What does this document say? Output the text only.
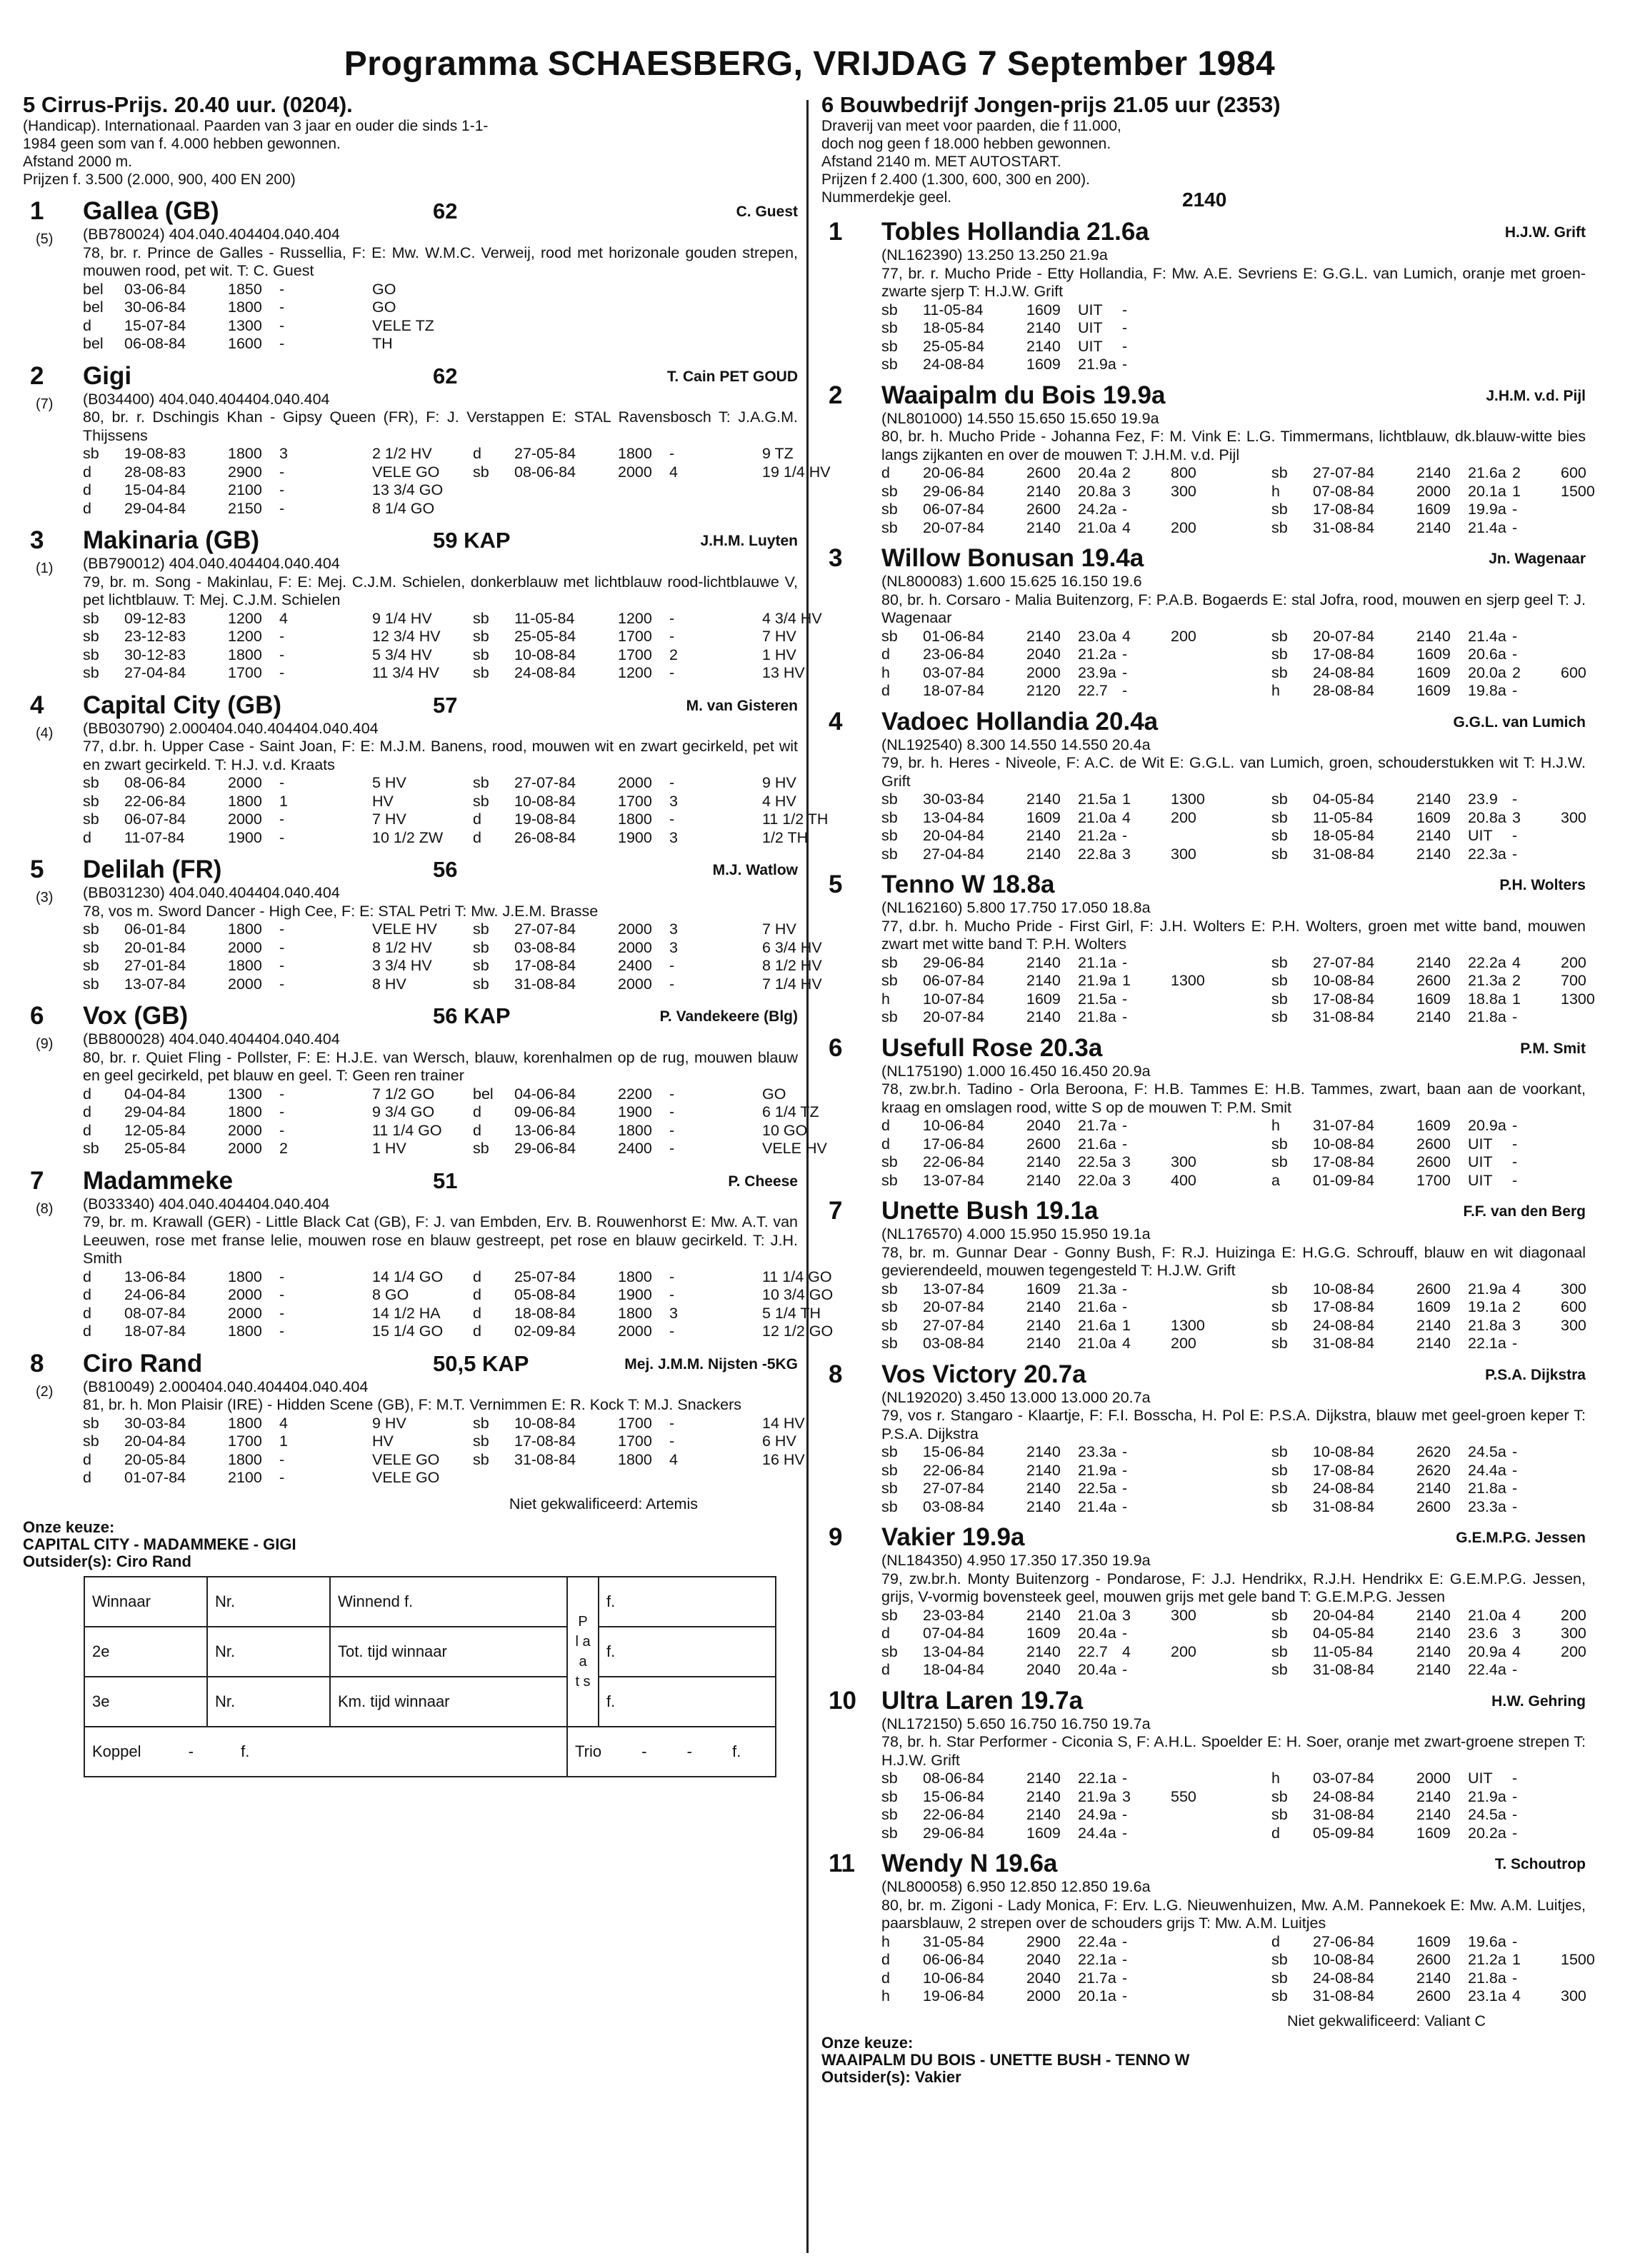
Programma SCHAESBERG, VRIJDAG 7 September 1984
5 Cirrus-Prijs. 20.40 uur. (0204).
(Handicap). Internationaal. Paarden van 3 jaar en ouder die sinds 1-1-
1984 geen som van f. 4.000 hebben gewonnen.
Afstand 2000 m.
Prijzen f. 3.500 (2.000, 900, 400 EN 200)
1
(5)
Gallea (GB)	62	C. Guest
(BB780024) 404.040.404404.040.404
78, br. r. Prince de Galles - Russellia, F: E: Mw. W.M.C. Verweij, rood met horizonale gouden strepen, mouwen rood, pet wit. T: C. Guest
bel	03-06-84	1850	-	GO
bel	30-06-84	1800	-	GO
d	15-07-84	1300	-	VELE TZ
bel	06-08-84	1600	-	TH
2
(7)
Gigi	62	T. Cain PET GOUD
(B034400) 404.040.404404.040.404
80, br. r. Dschingis Khan - Gipsy Queen (FR), F: J. Verstappen E: STAL Ravensbosch T: J.A.G.M. Thijssens
sb	19-08-83	1800	3	2 1/2 HV	d	27-05-84	1800	-	9 TZ
d	28-08-83	2900	-	VELE GO	sb	08-06-84	2000	4	19 1/4 HV
d	15-04-84	2100	-	13 3/4 GO
d	29-04-84	2150	-	8 1/4 GO
3
(1)
Makinaria (GB)	59 KAP	J.H.M. Luyten
(BB790012) 404.040.404404.040.404
79, br. m. Song - Makinlau, F: E: Mej. C.J.M. Schielen, donkerblauw met lichtblauw rood-lichtblauwe V, pet lichtblauw. T: Mej. C.J.M. Schielen
sb	09-12-83	1200	4	9 1/4 HV	sb	11-05-84	1200	-	4 3/4 HV
sb	23-12-83	1200	-	12 3/4 HV	sb	25-05-84	1700	-	7 HV
sb	30-12-83	1800	-	5 3/4 HV	sb	10-08-84	1700	2	1 HV
sb	27-04-84	1700	-	11 3/4 HV	sb	24-08-84	1200	-	13 HV
4
(4)
Capital City (GB)	57	M. van Gisteren
(BB030790) 2.000404.040.404404.040.404
77, d.br. h. Upper Case - Saint Joan, F: E: M.J.M. Banens, rood, mouwen wit en zwart gecirkeld, pet wit en zwart gecirkeld. T: H.J. v.d. Kraats
sb	08-06-84	2000	-	5 HV	sb	27-07-84	2000	-	9 HV
sb	22-06-84	1800	1	HV	sb	10-08-84	1700	3	4 HV
sb	06-07-84	2000	-	7 HV	d	19-08-84	1800	-	11 1/2 TH
d	11-07-84	1900	-	10 1/2 ZW	d	26-08-84	1900	3	1/2 TH
5
(3)
Delilah (FR)	56	M.J. Watlow
(BB031230) 404.040.404404.040.404
78, vos m. Sword Dancer - High Cee, F: E: STAL Petri T: Mw. J.E.M. Brasse
sb	06-01-84	1800	-	VELE HV	sb	27-07-84	2000	3	7 HV
sb	20-01-84	2000	-	8 1/2 HV	sb	03-08-84	2000	3	6 3/4 HV
sb	27-01-84	1800	-	3 3/4 HV	sb	17-08-84	2400	-	8 1/2 HV
sb	13-07-84	2000	-	8 HV	sb	31-08-84	2000	-	7 1/4 HV
6
(9)
Vox (GB)	56 KAP	P. Vandekeere (Blg)
(BB800028) 404.040.404404.040.404
80, br. r. Quiet Fling - Pollster, F: E: H.J.E. van Wersch, blauw, korenhalmen op de rug, mouwen blauw en geel gecirkeld, pet blauw en geel. T: Geen ren trainer
d	04-04-84	1300	-	7 1/2 GO	bel	04-06-84	2200	-	GO
d	29-04-84	1800	-	9 3/4 GO	d	09-06-84	1900	-	6 1/4 TZ
d	12-05-84	2000	-	11 1/4 GO	d	13-06-84	1800	-	10 GO
sb	25-05-84	2000	2	1 HV	sb	29-06-84	2400	-	VELE HV
7
(8)
Madammeke	51	P. Cheese
(B033340) 404.040.404404.040.404
79, br. m. Krawall (GER) - Little Black Cat (GB), F: J. van Embden, Erv. B. Rouwenhorst E: Mw. A.T. van Leeuwen, rose met franse lelie, mouwen rose en blauw gestreept, pet rose en blauw gecirkeld. T: J.H. Smith
d	13-06-84	1800	-	14 1/4 GO	d	25-07-84	1800	-	11 1/4 GO
d	24-06-84	2000	-	8 GO	d	05-08-84	1900	-	10 3/4 GO
d	08-07-84	2000	-	14 1/2 HA	d	18-08-84	1800	3	5 1/4 TH
d	18-07-84	1800	-	15 1/4 GO	d	02-09-84	2000	-	12 1/2 GO
8
(2)
Ciro Rand	50,5 KAP	Mej. J.M.M. Nijsten -5KG
(B810049) 2.000404.040.404404.040.404
81, br. h. Mon Plaisir (IRE) - Hidden Scene (GB), F: M.T. Vernimmen E: R. Kock T: M.J. Snackers
sb	30-03-84	1800	4	9 HV	sb	10-08-84	1700	-	14 HV
sb	20-04-84	1700	1	HV	sb	17-08-84	1700	-	6 HV
d	20-05-84	1800	-	VELE GO	sb	31-08-84	1800	4	16 HV
d	01-07-84	2100	-	VELE GO
Niet gekwalificeerd: Artemis
Onze keuze:
CAPITAL CITY - MADAMMEKE - GIGI
Outsider(s): Ciro Rand
Winnaar	Nr.	Winnend f.	P l a a t s	f.
2e	Nr.	Tot. tijd winnaar		f.
3e	Nr.	Km. tijd winnaar		f.
Koppel - f.			Trio - - f.	
6 Bouwbedrijf Jongen-prijs 21.05 uur (2353)
Draverij van meet voor paarden, die f 11.000,
doch nog geen f 18.000 hebben gewonnen.
Afstand 2140 m. MET AUTOSTART.
Prijzen f 2.400 (1.300, 600, 300 en 200).
Nummerdekje geel.	2140
1 Tobles Hollandia 21.6a	H.J.W. Grift
(NL162390) 13.250 13.250 21.9a
77, br. r. Mucho Pride - Etty Hollandia, F: Mw. A.E. Sevriens E: G.G.L. van Lumich, oranje met groen-zwarte sjerp T: H.J.W. Grift
sb	11-05-84	1609	UIT	-
sb	18-05-84	2140	UIT	-
sb	25-05-84	2140	UIT	-
sb	24-08-84	1609	21.9a -
2 Waaipalm du Bois 19.9a	J.H.M. v.d. Pijl
(NL801000) 14.550 15.650 15.650 19.9a
80, br. h. Mucho Pride - Johanna Fez, F: M. Vink E: L.G. Timmermans, lichtblauw, dk.blauw-witte bies langs zijkanten en over de mouwen T: J.H.M. v.d. Pijl
d	20-06-84	2600	20.4a 2	800	sb	27-07-84	2140	21.6a 2	600
sb	29-06-84	2140	20.8a 3	300	h	07-08-84	2000	20.1a 1	1500
sb	06-07-84	2600	24.2a -	sb	17-08-84	1609	19.9a -
sb	20-07-84	2140	21.0a 4	200	sb	31-08-84	2140	21.4a -
3 Willow Bonusan 19.4a	Jn. Wagenaar
(NL800083) 1.600 15.625 16.150 19.6
80, br. h. Corsaro - Malia Buitenzorg, F: P.A.B. Bogaerds E: stal Jofra, rood, mouwen en sjerp geel T: J. Wagenaar
sb	01-06-84	2140	23.0a 4	200	sb	20-07-84	2140	21.4a -
d	23-06-84	2040	21.2a -	sb	17-08-84	1609	20.6a -
h	03-07-84	2000	23.9a -	sb	24-08-84	1609	20.0a 2	600
d	18-07-84	2120	22.7 -	h	28-08-84	1609	19.8a -
4 Vadoec Hollandia 20.4a	G.G.L. van Lumich
(NL192540) 8.300 14.550 14.550 20.4a
79, br. h. Heres - Niveole, F: A.C. de Wit E: G.G.L. van Lumich, groen, schouderstukken wit T: H.J.W. Grift
sb	30-03-84	2140	21.5a 1	1300	sb	04-05-84	2140	23.9 -
sb	13-04-84	1609	21.0a 4	200	sb	11-05-84	1609	20.8a 3	300
sb	20-04-84	2140	21.2a -	sb	18-05-84	2140	UIT	-
sb	27-04-84	2140	22.8a 3	300	sb	31-08-84	2140	22.3a -
5 Tenno W 18.8a	P.H. Wolters
(NL162160) 5.800 17.750 17.050 18.8a
77, d.br. h. Mucho Pride - First Girl, F: J.H. Wolters E: P.H. Wolters, groen met witte band, mouwen zwart met witte band T: P.H. Wolters
sb	29-06-84	2140	21.1a -	sb	27-07-84	2140	22.2a 4	200
sb	06-07-84	2140	21.9a 1	1300	sb	10-08-84	2600	21.3a 2	700
h	10-07-84	1609	21.5a -	sb	17-08-84	1609	18.8a 1	1300
sb	20-07-84	2140	21.8a -	sb	31-08-84	2140	21.8a -
6 Usefull Rose 20.3a	P.M. Smit
(NL175190) 1.000 16.450 16.450 20.9a
78, zw.br.h. Tadino - Orla Beroona, F: H.B. Tammes E: H.B. Tammes, zwart, baan aan de voorkant, kraag en omslagen rood, witte S op de mouwen T: P.M. Smit
d	10-06-84	2040	21.7a -	h	31-07-84	1609	20.9a -
d	17-06-84	2600	21.6a -	sb	10-08-84	2600	UIT	-
sb	22-06-84	2140	22.5a 3	300	sb	17-08-84	2600	UIT	-
sb	13-07-84	2140	22.0a 3	400	a	01-09-84	1700	UIT	-
7 Unette Bush 19.1a	F.F. van den Berg
(NL176570) 4.000 15.950 15.950 19.1a
78, br. m. Gunnar Dear - Gonny Bush, F: R.J. Huizinga E: H.G.G. Schrouff, blauw en wit diagonaal gevierendeeld, mouwen tegengesteld T: H.J.W. Grift
sb	13-07-84	1609	21.3a -	sb	10-08-84	2600	21.9a 4	300
sb	20-07-84	2140	21.6a -	sb	17-08-84	1609	19.1a 2	600
sb	27-07-84	2140	21.6a 1	1300	sb	24-08-84	2140	21.8a 3	300
sb	03-08-84	2140	21.0a 4	200	sb	31-08-84	2140	22.1a -
8 Vos Victory 20.7a	P.S.A. Dijkstra
(NL192020) 3.450 13.000 13.000 20.7a
79, vos r. Stangaro - Klaartje, F: F.I. Bosscha, H. Pol E: P.S.A. Dijkstra, blauw met geel-groen keper T: P.S.A. Dijkstra
sb	15-06-84	2140	23.3a -	sb	10-08-84	2620	24.5a -
sb	22-06-84	2140	21.9a -	sb	17-08-84	2620	24.4a -
sb	27-07-84	2140	22.5a -	sb	24-08-84	2140	21.8a -
sb	03-08-84	2140	21.4a -	sb	31-08-84	2600	23.3a -
9 Vakier 19.9a	G.E.M.P.G. Jessen
(NL184350) 4.950 17.350 17.350 19.9a
79, zw.br.h. Monty Buitenzorg - Pondarose, F: J.J. Hendrikx, R.J.H. Hendrikx E: G.E.M.P.G. Jessen, grijs, V-vormig bovensteek geel, mouwen grijs met gele band T: G.E.M.P.G. Jessen
sb	23-03-84	2140	21.0a 3	300	sb	20-04-84	2140	21.0a 4	200
d	07-04-84	1609	20.4a -	sb	04-05-84	2140	23.6 3	300
sb	13-04-84	2140	22.7 4	200	sb	11-05-84	2140	20.9a 4	200
d	18-04-84	2040	20.4a -	sb	31-08-84	2140	22.4a -
10 Ultra Laren 19.7a	H.W. Gehring
(NL172150) 5.650 16.750 16.750 19.7a
78, br. h. Star Performer - Ciconia S, F: A.H.L. Spoelder E: H. Soer, oranje met zwart-groene strepen T: H.J.W. Grift
sb	08-06-84	2140	22.1a -	h	03-07-84	2000	UIT	-
sb	15-06-84	2140	21.9a 3	550	sb	24-08-84	2140	21.9a -
sb	22-06-84	2140	24.9a -	sb	31-08-84	2140	24.5a -
sb	29-06-84	1609	24.4a -	d	05-09-84	1609	20.2a -
11 Wendy N 19.6a	T. Schoutrop
(NL800058) 6.950 12.850 12.850 19.6a
80, br. m. Zigoni - Lady Monica, F: Erv. L.G. Nieuwenhuizen, Mw. A.M. Pannekoek E: Mw. A.M. Luitjes, paarsblauw, 2 strepen over de schouders grijs T: Mw. A.M. Luitjes
h	31-05-84	2900	22.4a -	d	27-06-84	1609	19.6a -
d	06-06-84	2040	22.1a -	sb	10-08-84	2600	21.2a 1	1500
d	10-06-84	2040	21.7a -	sb	24-08-84	2140	21.8a -
h	19-06-84	2000	20.1a -	sb	31-08-84	2600	23.1a 4	300
Niet gekwalificeerd: Valiant C
Onze keuze:
WAAIPALM DU BOIS - UNETTE BUSH - TENNO W
Outsider(s): Vakier
